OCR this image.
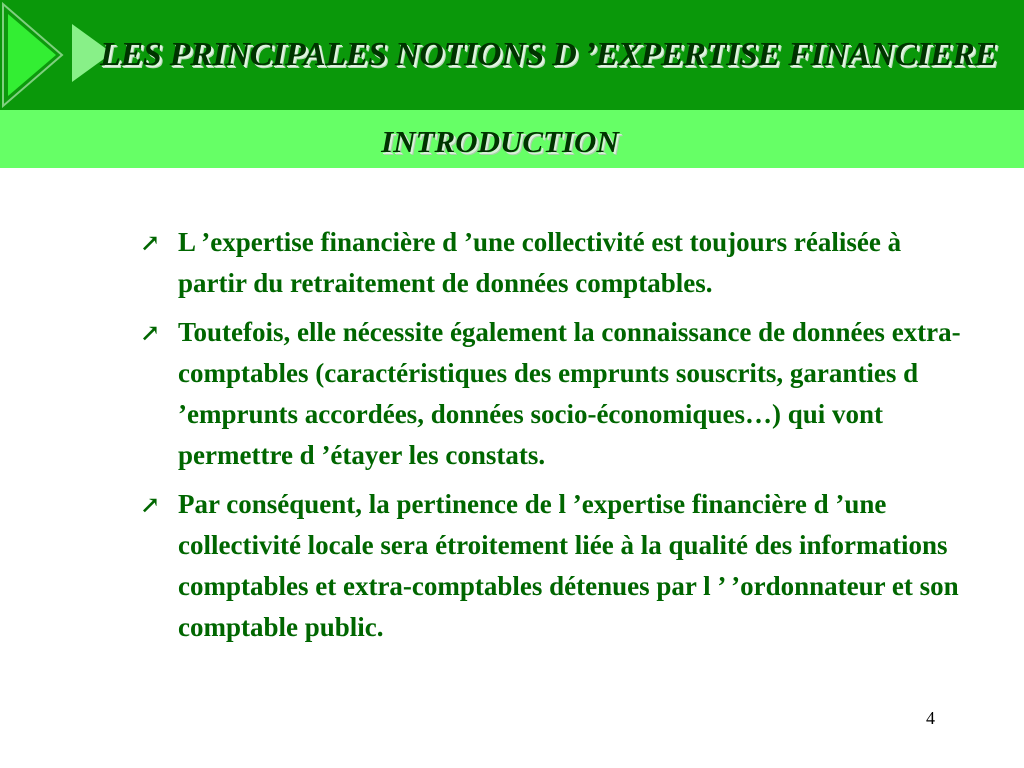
LES PRINCIPALES NOTIONS D ’EXPERTISE FINANCIERE
INTRODUCTION
↗ L ’expertise financière d ’une collectivité est toujours réalisée à partir du retraitement de données comptables.
↗ Toutefois, elle nécessite également la connaissance de données extra-comptables (caractéristiques des emprunts souscrits, garanties d ’emprunts accordées, données socio-économiques…) qui vont permettre d ’étayer les constats.
↗ Par conséquent, la pertinence de l ’expertise financière d ’une collectivité locale sera étroitement liée à la qualité des informations comptables et extra-comptables détenues par l ’ ’ordonnateur et son comptable public.
4
